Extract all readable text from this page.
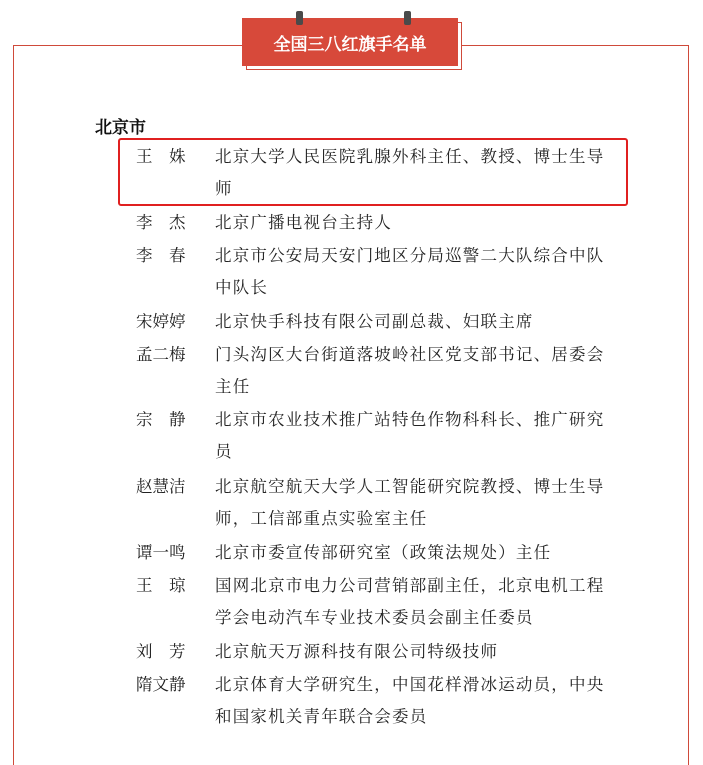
全国三八红旗手名单
北京市
王　姝	北京大学人民医院乳腺外科主任、教授、博士生导师
李　杰	北京广播电视台主持人
李　春	北京市公安局天安门地区分局巡警二大队综合中队中队长
宋婷婷	北京快手科技有限公司副总裁、妇联主席
孟二梅	门头沟区大台街道落坡岭社区党支部书记、居委会主任
宗　静	北京市农业技术推广站特色作物科科长、推广研究员
赵慧洁	北京航空航天大学人工智能研究院教授、博士生导师，工信部重点实验室主任
谭一鸣	北京市委宣传部研究室（政策法规处）主任
王　琼	国网北京市电力公司营销部副主任，北京电机工程学会电动汽车专业技术委员会副主任委员
刘　芳	北京航天万源科技有限公司特级技师
隋文静	北京体育大学研究生，中国花样滑冰运动员，中央和国家机关青年联合会委员
